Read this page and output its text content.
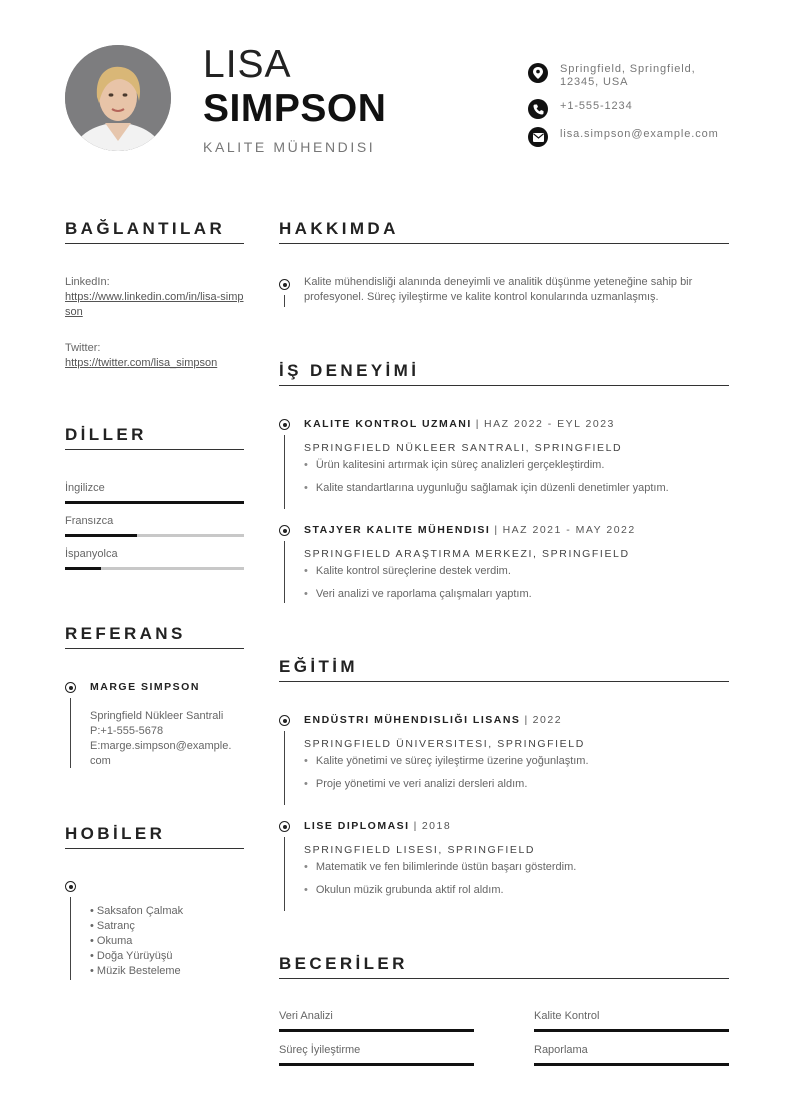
LISA
SIMPSON
KALITE MÜHENDISI
Springfield, Springfield, 12345, USA
+1-555-1234
lisa.simpson@example.com
BAĞLANTILAR
LinkedIn:
https://www.linkedin.com/in/lisa-simpson
Twitter:
https://twitter.com/lisa_simpson
DİLLER
İngilizce
Fransızca
İspanyolca
REFERANS
MARGE SIMPSON
Springfield Nükleer Santrali
P:+1-555-5678
E:marge.simpson@example.
com
HOBİLER
• Saksafon Çalmak
• Satranç
• Okuma
• Doğa Yürüyüşü
• Müzik Besteleme
HAKKIMDA
Kalite mühendisliği alanında deneyimli ve analitik düşünme yeteneğine sahip bir profesyonel. Süreç iyileştirme ve kalite kontrol konularında uzmanlaşmış.
İŞ DENEYİMİ
KALITE KONTROL UZMANI | HAZ 2022 - EYL 2023
SPRINGFIELD NÜKLEER SANTRALI, SPRINGFIELD
• Ürün kalitesini artırmak için süreç analizleri gerçekleştirdim.
• Kalite standartlarına uygunluğu sağlamak için düzenli denetimler yaptım.
STAJYER KALITE MÜHENDISI | HAZ 2021 - MAY 2022
SPRINGFIELD ARAŞTIRMA MERKEZI, SPRINGFIELD
• Kalite kontrol süreçlerine destek verdim.
• Veri analizi ve raporlama çalışmaları yaptım.
EĞİTİM
ENDÜSTRI MÜHENDISLIĞI LISANS | 2022
SPRINGFIELD ÜNIVERSITESI, SPRINGFIELD
• Kalite yönetimi ve süreç iyileştirme üzerine yoğunlaştım.
• Proje yönetimi ve veri analizi dersleri aldım.
LISE DIPLOMASI | 2018
SPRINGFIELD LISESI, SPRINGFIELD
• Matematik ve fen bilimlerinde üstün başarı gösterdim.
• Okulun müzik grubunda aktif rol aldım.
BECERİLER
Veri Analizi	Kalite Kontrol
Süreç İyileştirme	Raporlama
